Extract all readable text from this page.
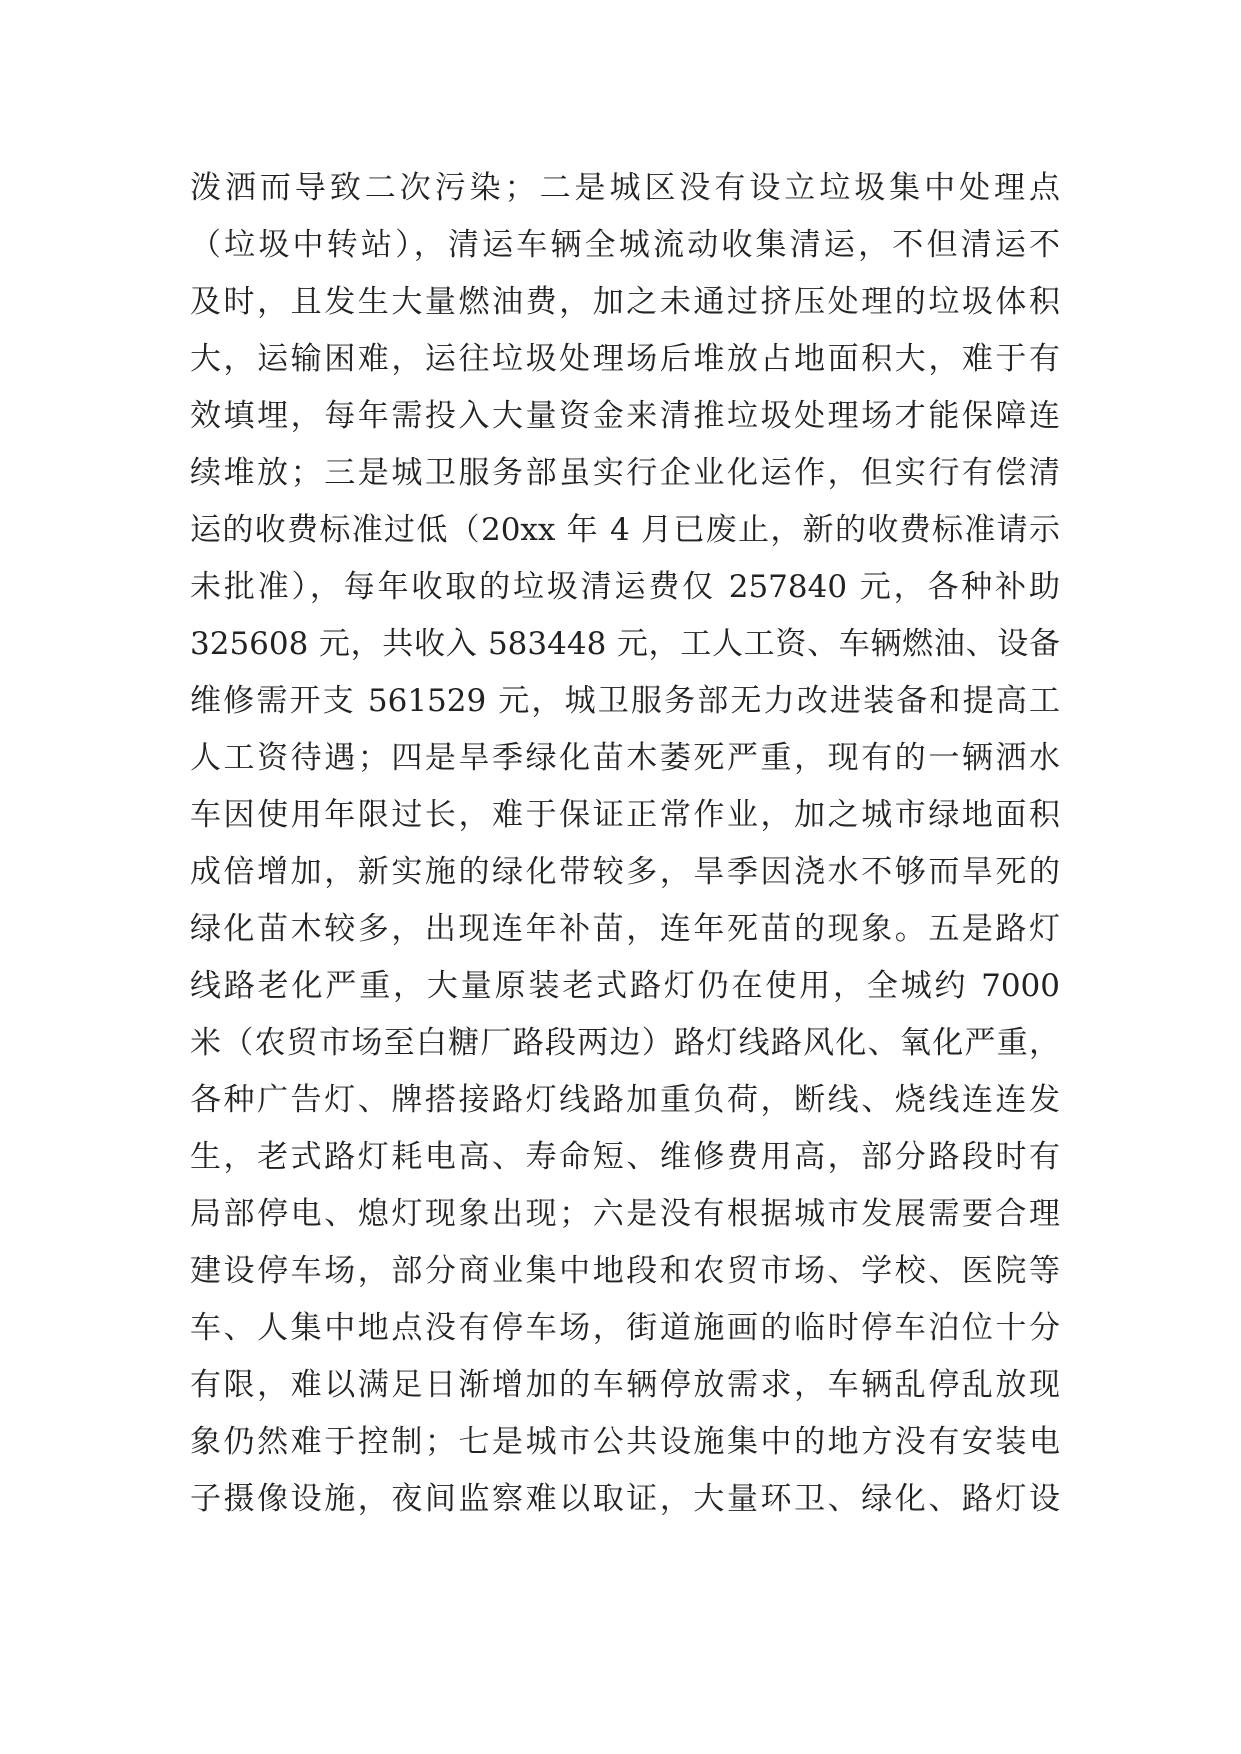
泼洒而导致二次污染；二是城区没有设立垃圾集中处理点
（垃圾中转站），清运车辆全城流动收集清运，不但清运不
及时，且发生大量燃油费，加之未通过挤压处理的垃圾体积
大，运输困难，运往垃圾处理场后堆放占地面积大，难于有
效填埋，每年需投入大量资金来清推垃圾处理场才能保障连
续堆放；三是城卫服务部虽实行企业化运作，但实行有偿清
运的收费标准过低（20xx 年 4 月已废止，新的收费标准请示
未批准），每年收取的垃圾清运费仅 257840 元，各种补助
325608 元，共收入 583448 元，工人工资、车辆燃油、设备
维修需开支 561529 元，城卫服务部无力改进装备和提高工
人工资待遇；四是旱季绿化苗木萎死严重，现有的一辆洒水
车因使用年限过长，难于保证正常作业，加之城市绿地面积
成倍增加，新实施的绿化带较多，旱季因浇水不够而旱死的
绿化苗木较多，出现连年补苗，连年死苗的现象。五是路灯
线路老化严重，大量原装老式路灯仍在使用，全城约 7000
米（农贸市场至白糖厂路段两边）路灯线路风化、氧化严重，
各种广告灯、牌搭接路灯线路加重负荷，断线、烧线连连发
生，老式路灯耗电高、寿命短、维修费用高，部分路段时有
局部停电、熄灯现象出现；六是没有根据城市发展需要合理
建设停车场，部分商业集中地段和农贸市场、学校、医院等
车、人集中地点没有停车场，街道施画的临时停车泊位十分
有限，难以满足日渐增加的车辆停放需求，车辆乱停乱放现
象仍然难于控制；七是城市公共设施集中的地方没有安装电
子摄像设施，夜间监察难以取证，大量环卫、绿化、路灯设
